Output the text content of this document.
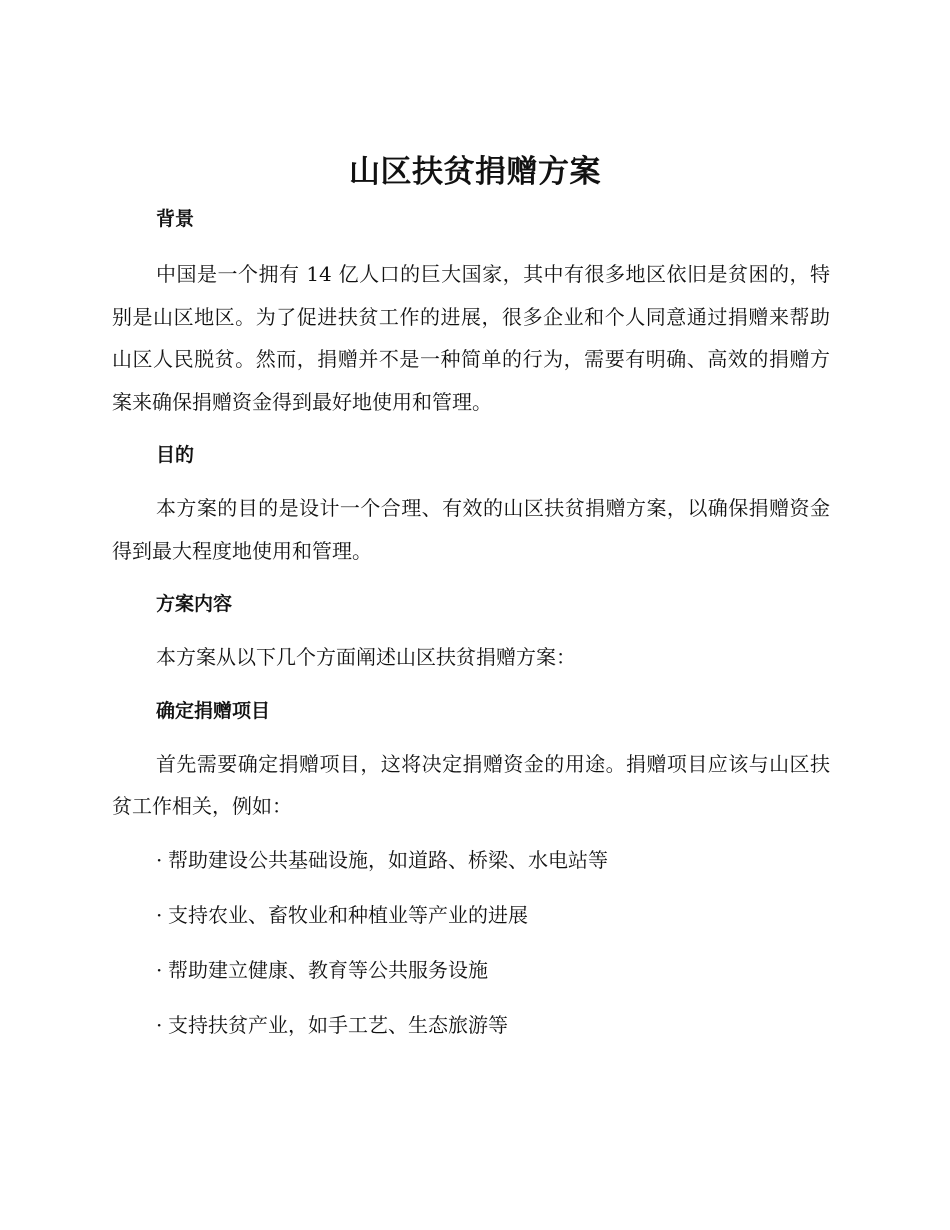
山区扶贫捐赠方案
背景

中国是一个拥有 14 亿人口的巨大国家，其中有很多地区依旧是贫困的，特别是山区地区。为了促进扶贫工作的进展，很多企业和个人同意通过捐赠来帮助山区人民脱贫。然而，捐赠并不是一种简单的行为，需要有明确、高效的捐赠方案来确保捐赠资金得到最好地使用和管理。

目的

本方案的目的是设计一个合理、有效的山区扶贫捐赠方案，以确保捐赠资金得到最大程度地使用和管理。

方案内容

本方案从以下几个方面阐述山区扶贫捐赠方案：

确定捐赠项目

首先需要确定捐赠项目，这将决定捐赠资金的用途。捐赠项目应该与山区扶贫工作相关，例如：

· 帮助建设公共基础设施，如道路、桥梁、水电站等
· 支持农业、畜牧业和种植业等产业的进展
· 帮助建立健康、教育等公共服务设施
· 支持扶贫产业，如手工艺、生态旅游等
